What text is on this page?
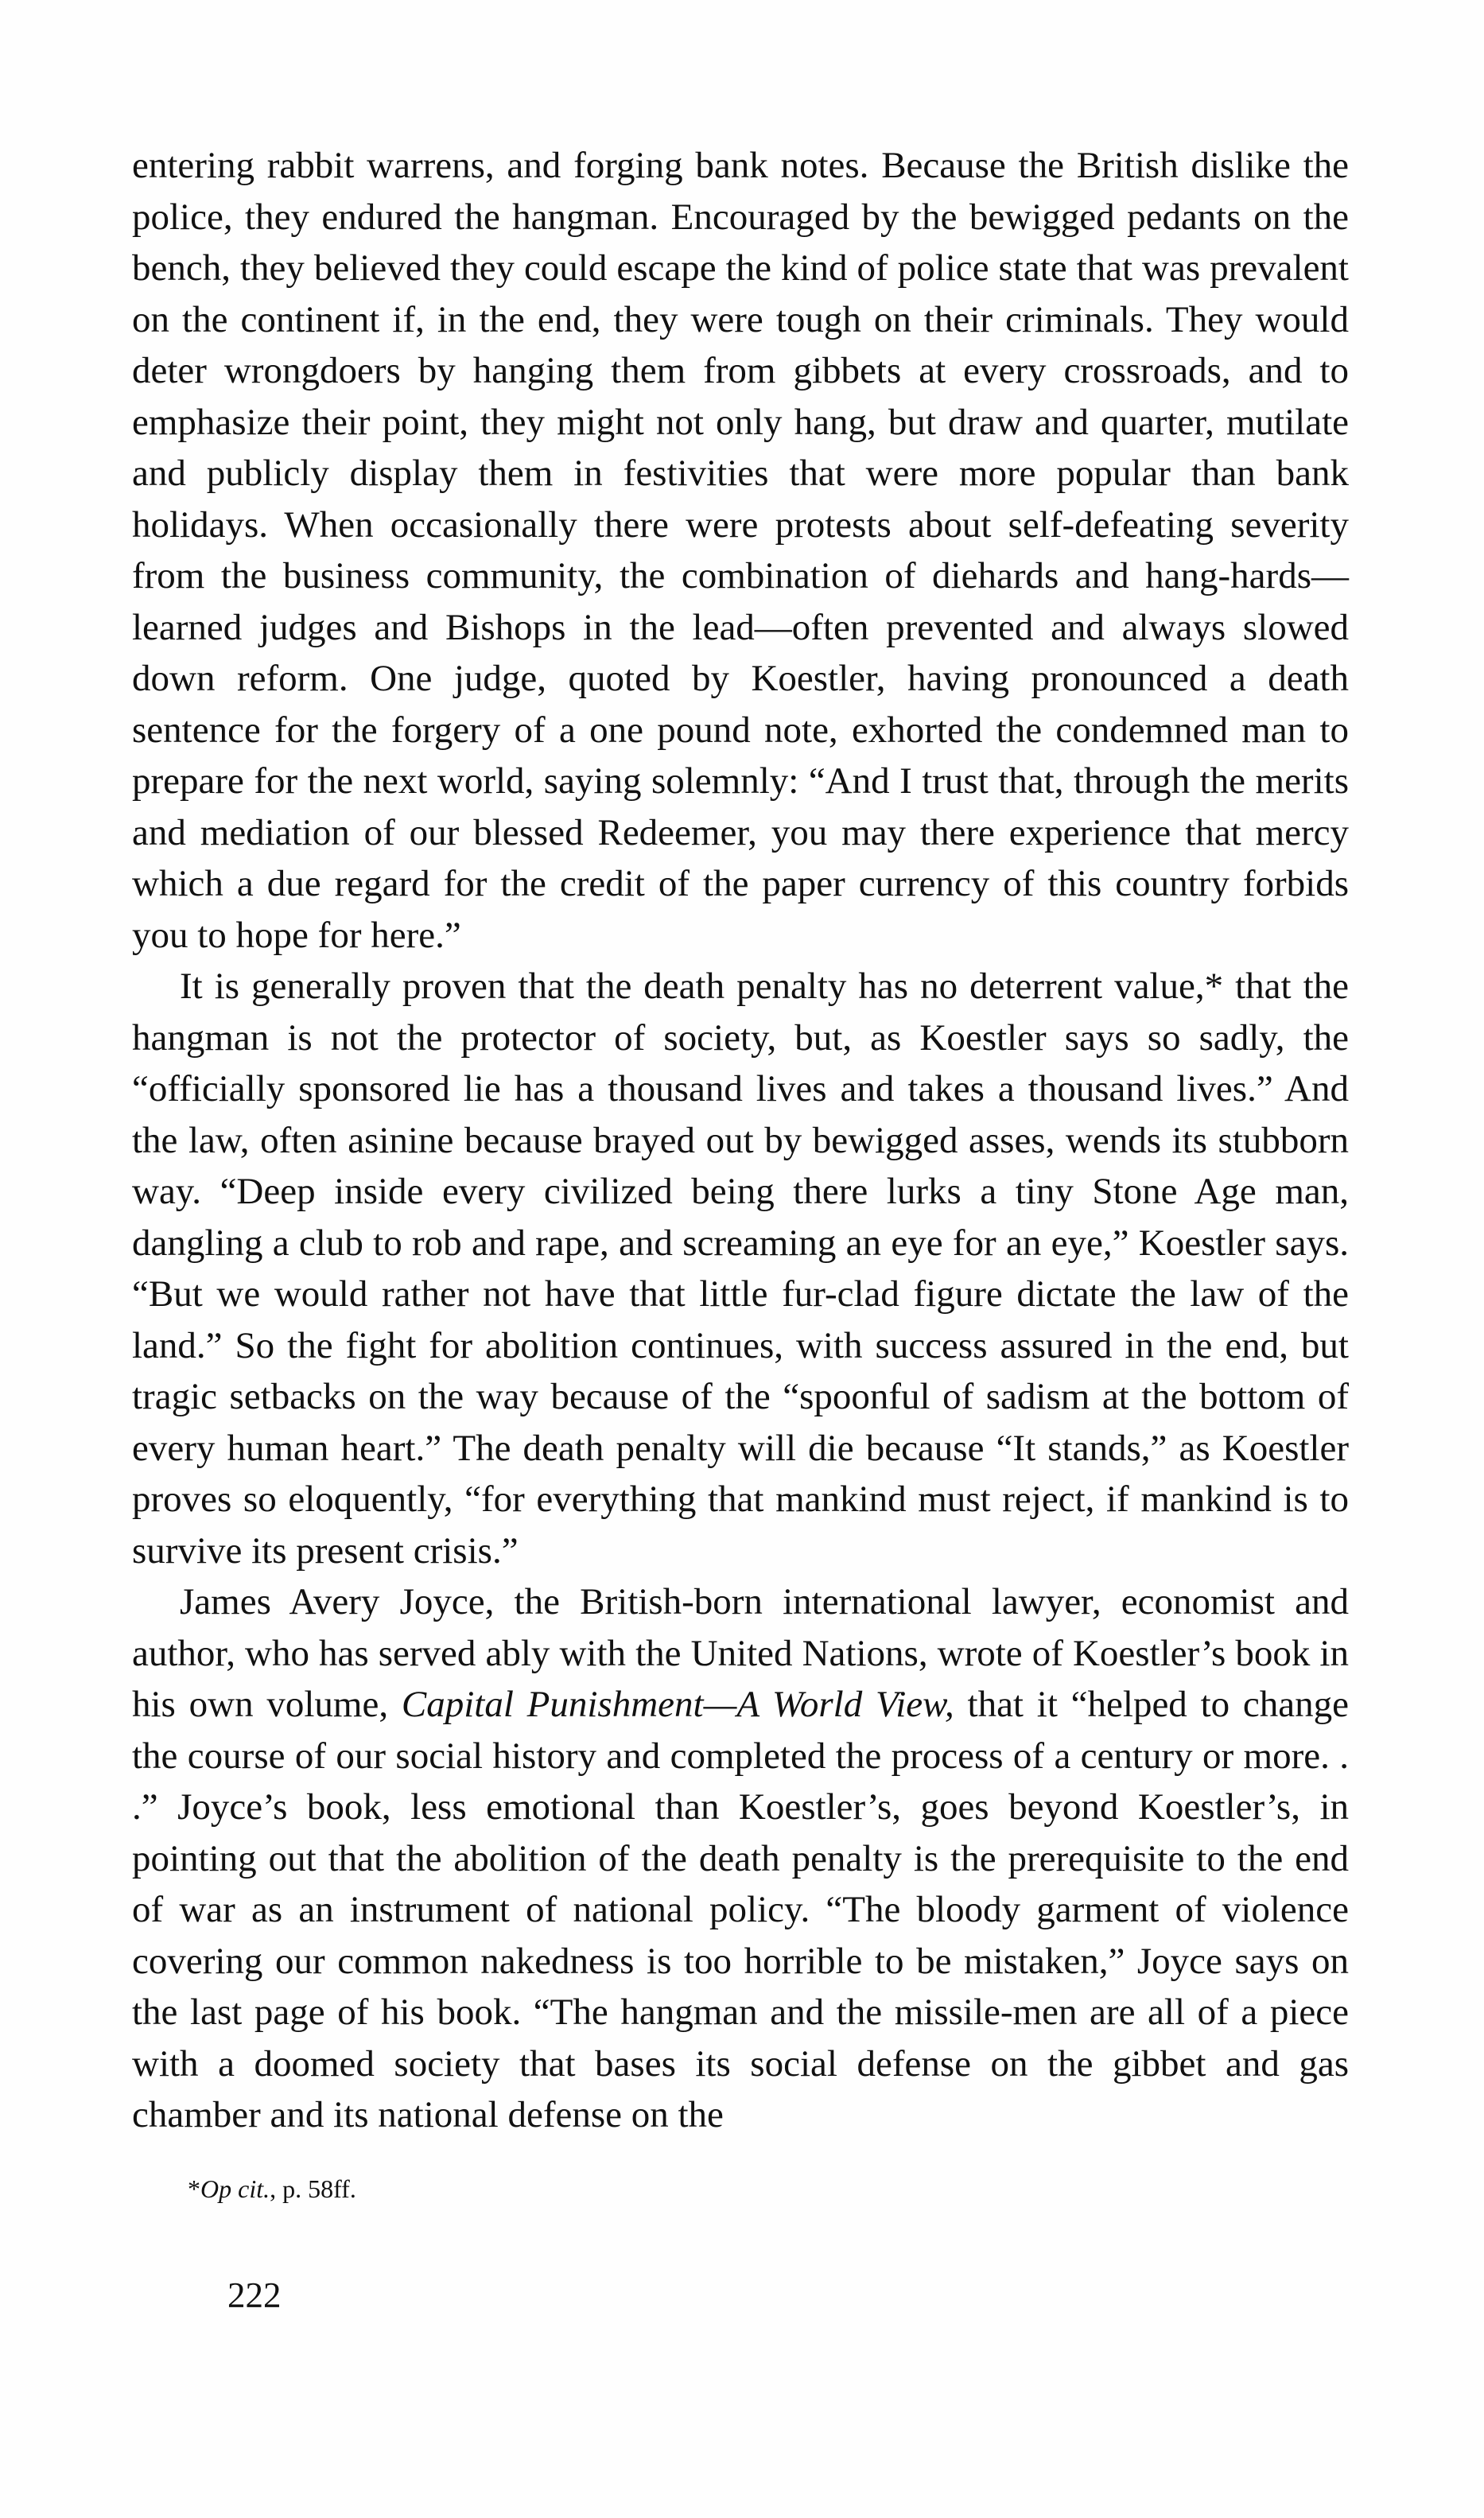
entering rabbit warrens, and forging bank notes. Because the British dislike the police, they endured the hangman. Encouraged by the bewigged pedants on the bench, they believed they could escape the kind of police state that was prevalent on the continent if, in the end, they were tough on their criminals. They would deter wrongdoers by hanging them from gibbets at every crossroads, and to emphasize their point, they might not only hang, but draw and quarter, mutilate and publicly display them in festivities that were more popular than bank holidays. When occasionally there were protests about self-defeating severity from the business community, the combination of diehards and hang-hards—learned judges and Bishops in the lead—often prevented and always slowed down reform. One judge, quoted by Koestler, having pronounced a death sentence for the forgery of a one pound note, exhorted the condemned man to prepare for the next world, saying solemnly: “And I trust that, through the merits and mediation of our blessed Redeemer, you may there experience that mercy which a due regard for the credit of the paper currency of this country forbids you to hope for here.”

It is generally proven that the death penalty has no deterrent value,* that the hangman is not the protector of society, but, as Koestler says so sadly, the “officially sponsored lie has a thousand lives and takes a thousand lives.” And the law, often asinine because brayed out by bewigged asses, wends its stubborn way. “Deep inside every civilized being there lurks a tiny Stone Age man, dangling a club to rob and rape, and screaming an eye for an eye,” Koestler says. “But we would rather not have that little fur-clad figure dictate the law of the land.” So the fight for abolition continues, with success assured in the end, but tragic setbacks on the way because of the “spoonful of sadism at the bottom of every human heart.” The death penalty will die because “It stands,” as Koestler proves so eloquently, “for everything that mankind must reject, if mankind is to survive its present crisis.”

James Avery Joyce, the British-born international lawyer, economist and author, who has served ably with the United Nations, wrote of Koestler’s book in his own volume, Capital Punishment—A World View, that it “helped to change the course of our social history and completed the process of a century or more. . .” Joyce’s book, less emotional than Koestler’s, goes beyond Koestler’s, in pointing out that the abolition of the death penalty is the prerequisite to the end of war as an instrument of national policy. “The bloody garment of violence covering our common nakedness is too horrible to be mistaken,” Joyce says on the last page of his book. “The hangman and the missile-men are all of a piece with a doomed society that bases its social defense on the gibbet and gas chamber and its national defense on the

*Op cit., p. 58ff.
222
